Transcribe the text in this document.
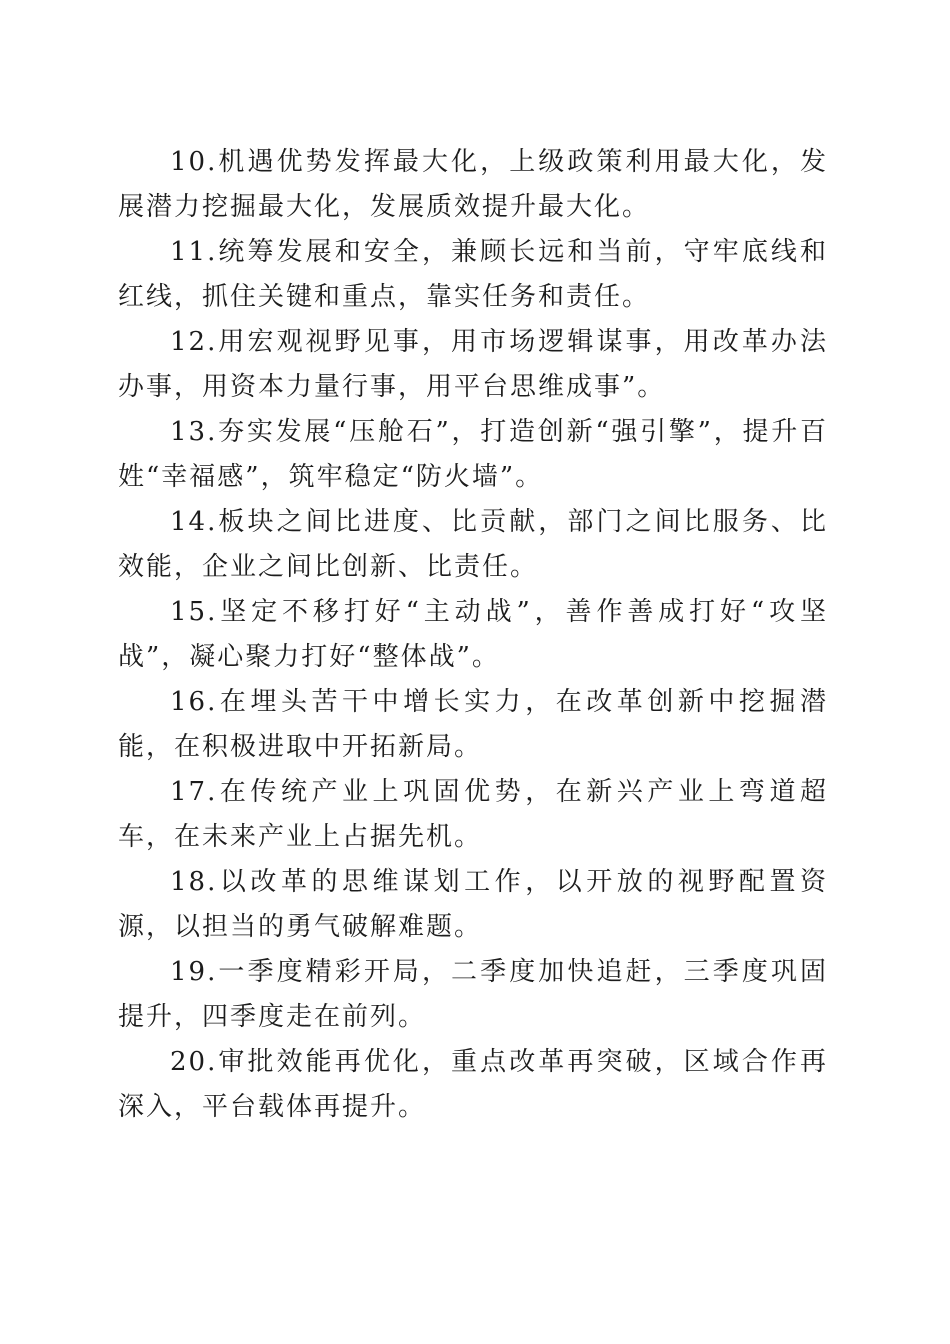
10.机遇优势发挥最大化，上级政策利用最大化，发展潜力挖掘最大化，发展质效提升最大化。

11.统筹发展和安全，兼顾长远和当前，守牢底线和红线，抓住关键和重点，靠实任务和责任。

12.用宏观视野见事，用市场逻辑谋事，用改革办法办事，用资本力量行事，用平台思维成事”。

13.夯实发展“压舱石”，打造创新“强引擎”，提升百姓“幸福感”，筑牢稳定“防火墙”。

14.板块之间比进度、比贡献，部门之间比服务、比效能，企业之间比创新、比责任。

15.坚定不移打好“主动战”，善作善成打好“攻坚战”，凝心聚力打好“整体战”。

16.在埋头苦干中增长实力，在改革创新中挖掘潜能，在积极进取中开拓新局。

17.在传统产业上巩固优势，在新兴产业上弯道超车，在未来产业上占据先机。

18.以改革的思维谋划工作，以开放的视野配置资源，以担当的勇气破解难题。

19.一季度精彩开局，二季度加快追赶，三季度巩固提升，四季度走在前列。

20.审批效能再优化，重点改革再突破，区域合作再深入，平台载体再提升。
